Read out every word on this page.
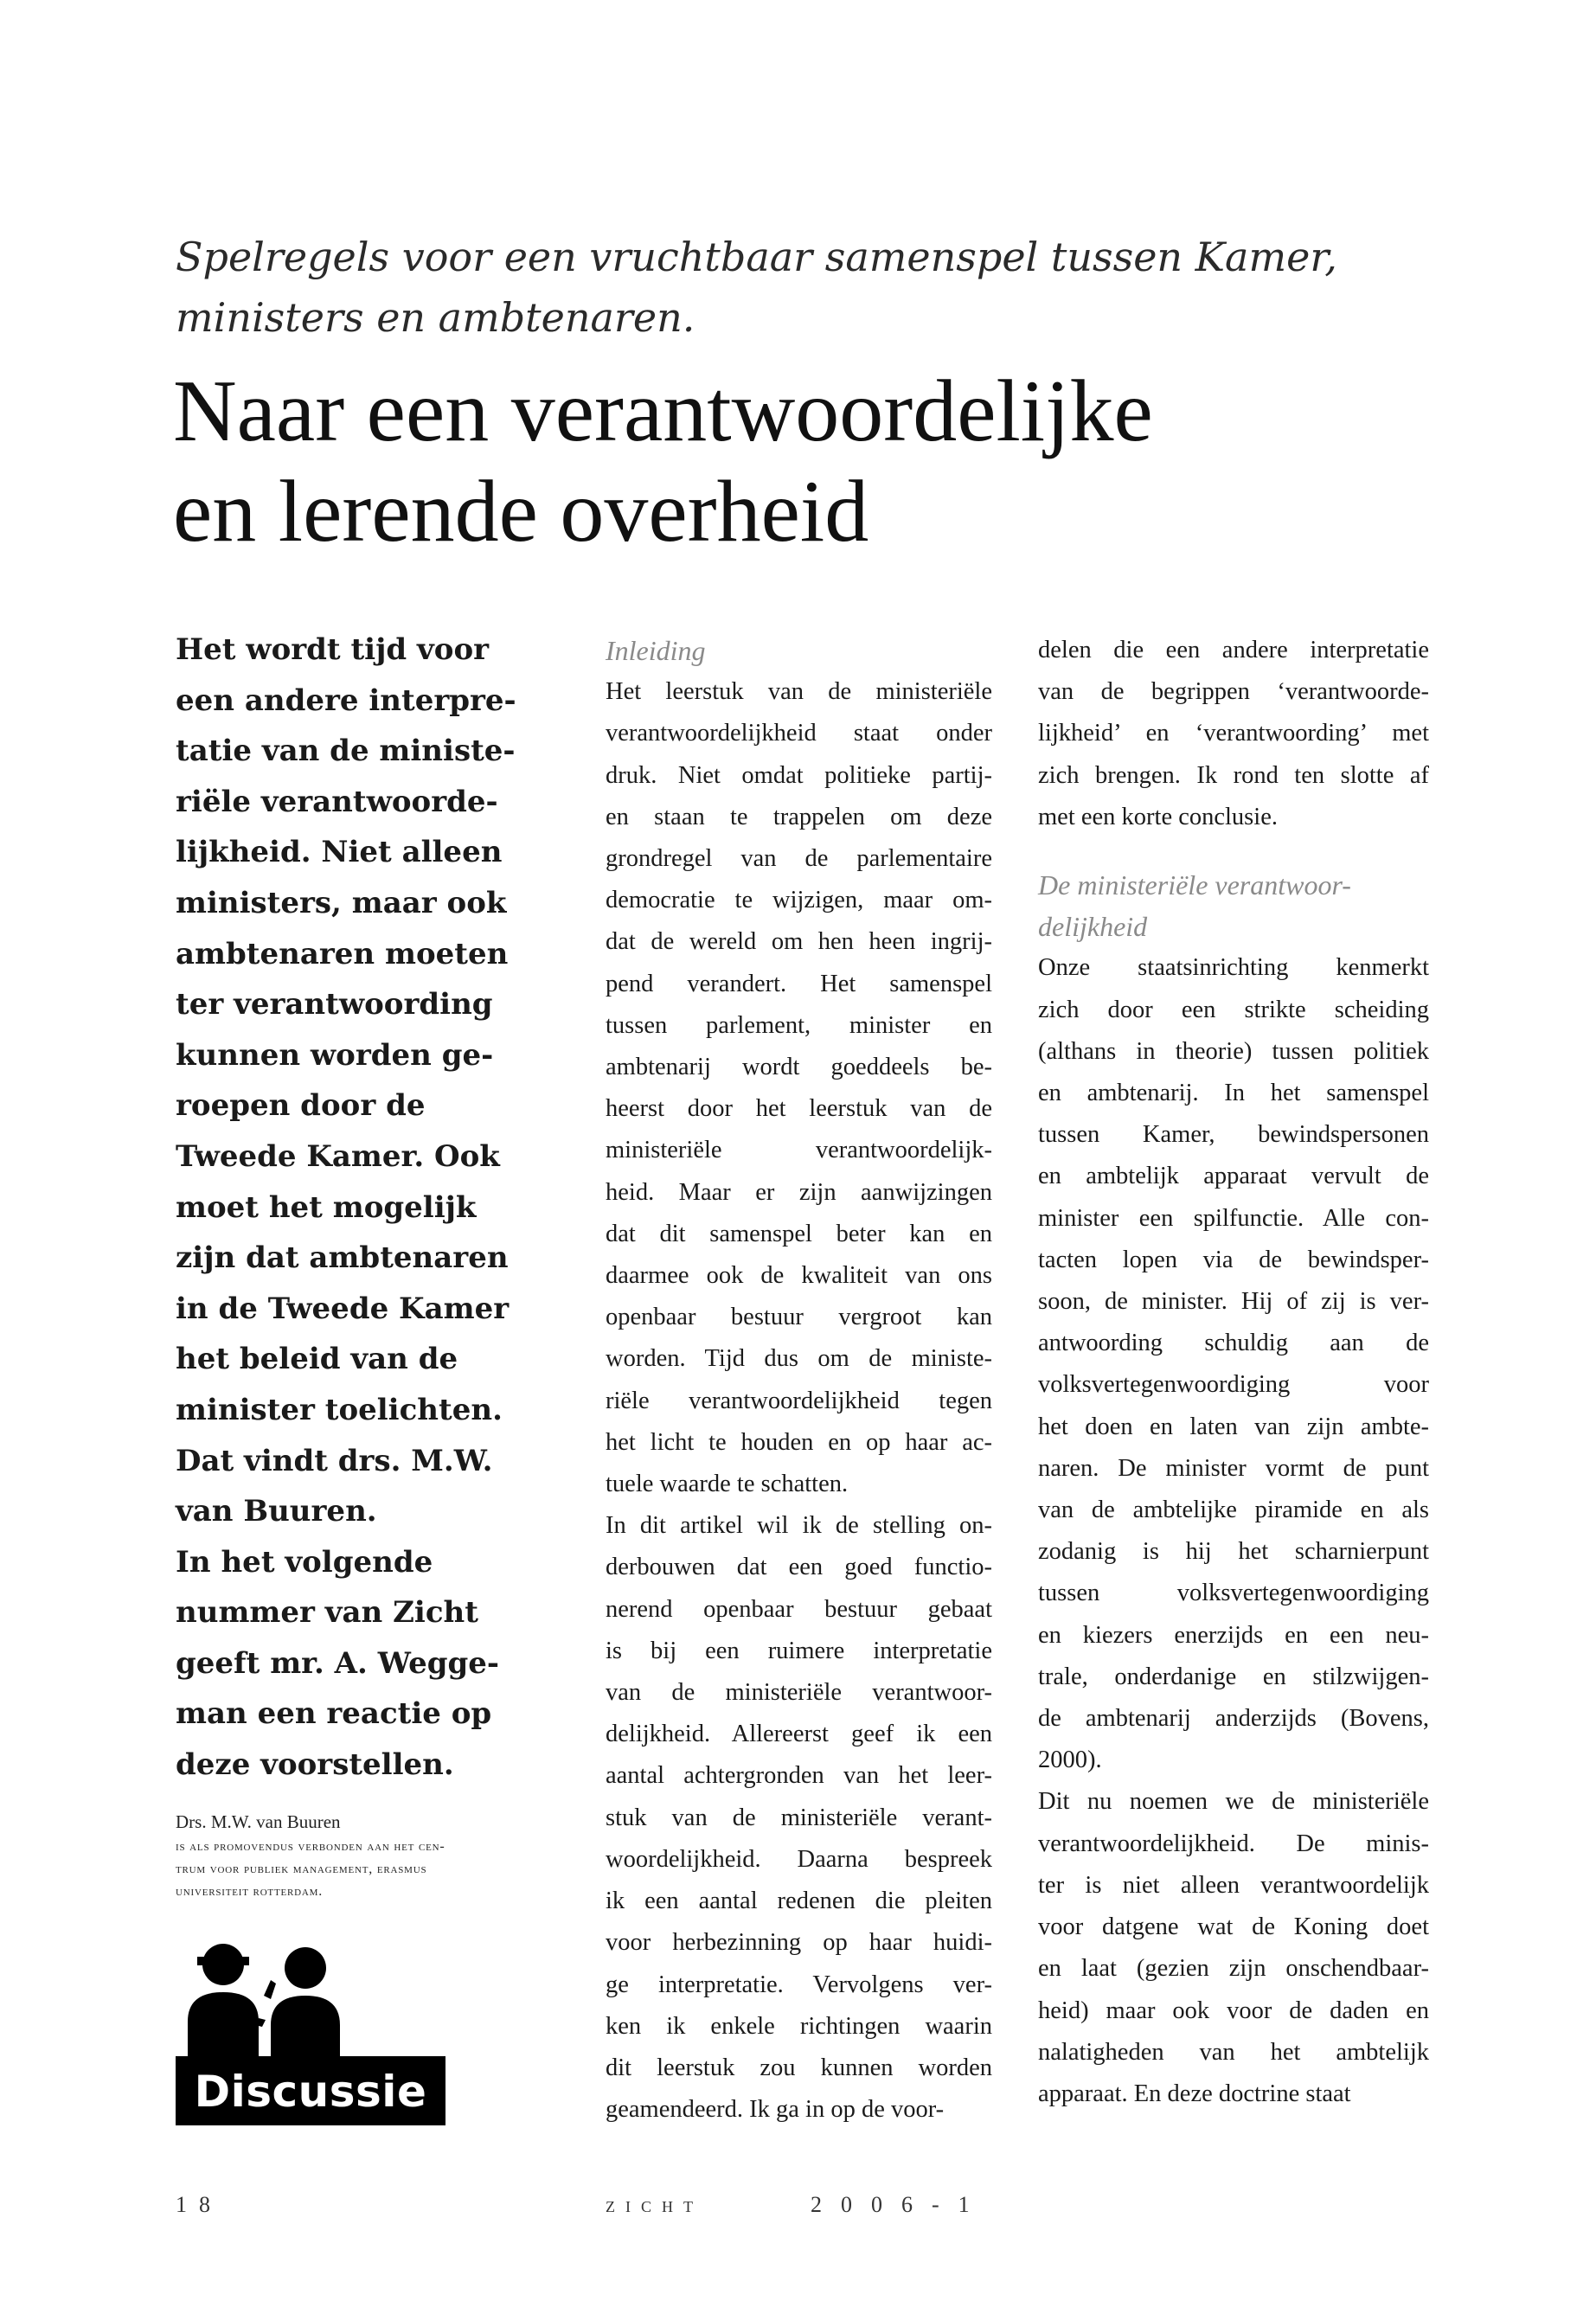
Spelregels voor een vruchtbaar samenspel tussen Kamer,
ministers en ambtenaren.
Naar een verantwoordelijke
en lerende overheid
Het wordt tijd voor
een andere interpre-
tatie van de ministe-
riële verantwoorde-
lijkheid. Niet alleen
ministers, maar ook
ambtenaren moeten
ter verantwoording
kunnen worden ge-
roepen door de
Tweede Kamer. Ook
moet het mogelijk
zijn dat ambtenaren
in de Tweede Kamer
het beleid van de
minister toelichten.
Dat vindt drs. M.W.
van Buuren.
In het volgende
nummer van Zicht
geeft mr. A. Wegge-
man een reactie op
deze voorstellen.
Drs. M.W. van Buuren
is als promovendus verbonden aan het cen-
trum voor publiek management, erasmus
universiteit rotterdam.
Discussie
Inleiding
Het leerstuk van de ministeriële
verantwoordelijkheid staat onder
druk. Niet omdat politieke partij-
en staan te trappelen om deze
grondregel van de parlementaire
democratie te wijzigen, maar om-
dat de wereld om hen heen ingrij-
pend verandert. Het samenspel
tussen parlement, minister en
ambtenarij wordt goeddeels be-
heerst door het leerstuk van de
ministeriële verantwoordelijk-
heid. Maar er zijn aanwijzingen
dat dit samenspel beter kan en
daarmee ook de kwaliteit van ons
openbaar bestuur vergroot kan
worden. Tijd dus om de ministe-
riële verantwoordelijkheid tegen
het licht te houden en op haar ac-
tuele waarde te schatten.
In dit artikel wil ik de stelling on-
derbouwen dat een goed functio-
nerend openbaar bestuur gebaat
is bij een ruimere interpretatie
van de ministeriële verantwoor-
delijkheid. Allereerst geef ik een
aantal achtergronden van het leer-
stuk van de ministeriële verant-
woordelijkheid. Daarna bespreek
ik een aantal redenen die pleiten
voor herbezinning op haar huidi-
ge interpretatie. Vervolgens ver-
ken ik enkele richtingen waarin
dit leerstuk zou kunnen worden
geamendeerd. Ik ga in op de voor-
delen die een andere interpretatie
van de begrippen ‘verantwoorde-
lijkheid’ en ‘verantwoording’ met
zich brengen. Ik rond ten slotte af
met een korte conclusie.
De ministeriële verantwoor-
delijkheid
Onze staatsinrichting kenmerkt
zich door een strikte scheiding
(althans in theorie) tussen politiek
en ambtenarij. In het samenspel
tussen Kamer, bewindspersonen
en ambtelijk apparaat vervult de
minister een spilfunctie. Alle con-
tacten lopen via de bewindsper-
soon, de minister. Hij of zij is ver-
antwoording schuldig aan de
volksvertegenwoordiging voor
het doen en laten van zijn ambte-
naren. De minister vormt de punt
van de ambtelijke piramide en als
zodanig is hij het scharnierpunt
tussen volksvertegenwoordiging
en kiezers enerzijds en een neu-
trale, onderdanige en stilzwijgen-
de ambtenarij anderzijds (Bovens,
2000).
Dit nu noemen we de ministeriële
verantwoordelijkheid. De minis-
ter is niet alleen verantwoordelijk
voor datgene wat de Koning doet
en laat (gezien zijn onschendbaar-
heid) maar ook voor de daden en
nalatigheden van het ambtelijk
apparaat. En deze doctrine staat
18	zicht	2006-1
